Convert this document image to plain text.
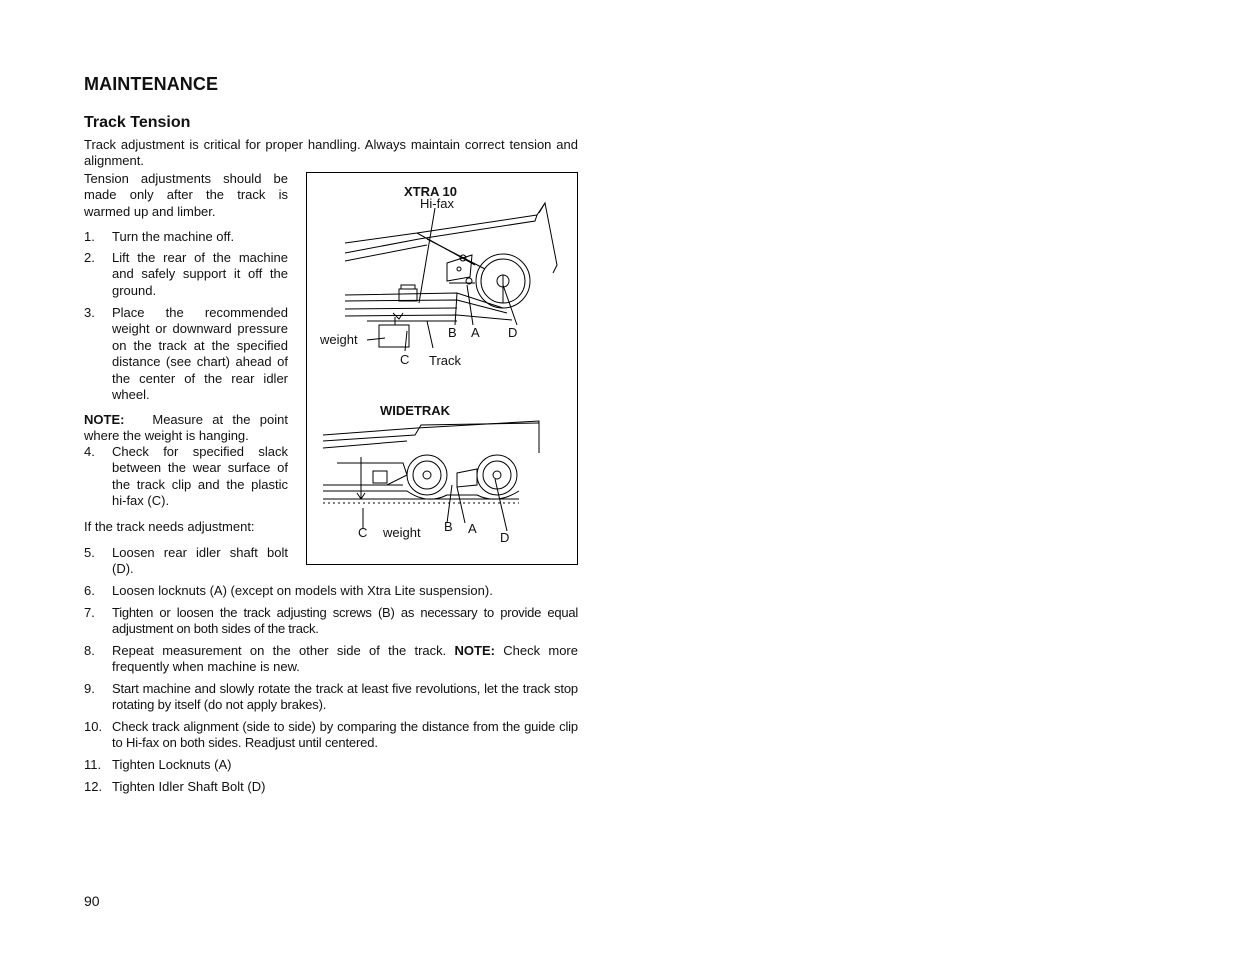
MAINTENANCE
Track Tension
Track adjustment is critical for proper handling. Always maintain correct tension and alignment.
Tension adjustments should be made only after the track is warmed up and limber.
1. Turn the machine off.
2. Lift the rear of the machine and safely support it off the ground.
3. Place the recommended weight or downward pressure on the track at the specified distance (see chart) ahead of the center of the rear idler wheel.
NOTE: Measure at the point where the weight is hanging.
4. Check for specified slack between the wear surface of the track clip and the plastic hi-fax (C).
If the track needs adjustment:
5. Loosen rear idler shaft bolt (D).
6. Loosen locknuts (A) (except on models with Xtra Lite suspension).
7. Tighten or loosen the track adjusting screws (B) as necessary to provide equal adjustment on both sides of the track.
8. Repeat measurement on the other side of the track. NOTE: Check more frequently when machine is new.
9. Start machine and slowly rotate the track at least five revolutions, let the track stop rotating by itself (do not apply brakes).
10. Check track alignment (side to side) by comparing the distance from the guide clip to Hi-fax on both sides. Readjust until centered.
11. Tighten Locknuts (A)
12. Tighten Idler Shaft Bolt (D)
XTRA 10
Hi-fax
weight	B A D
C Track
WIDETRAK
C weight B A
D
90
